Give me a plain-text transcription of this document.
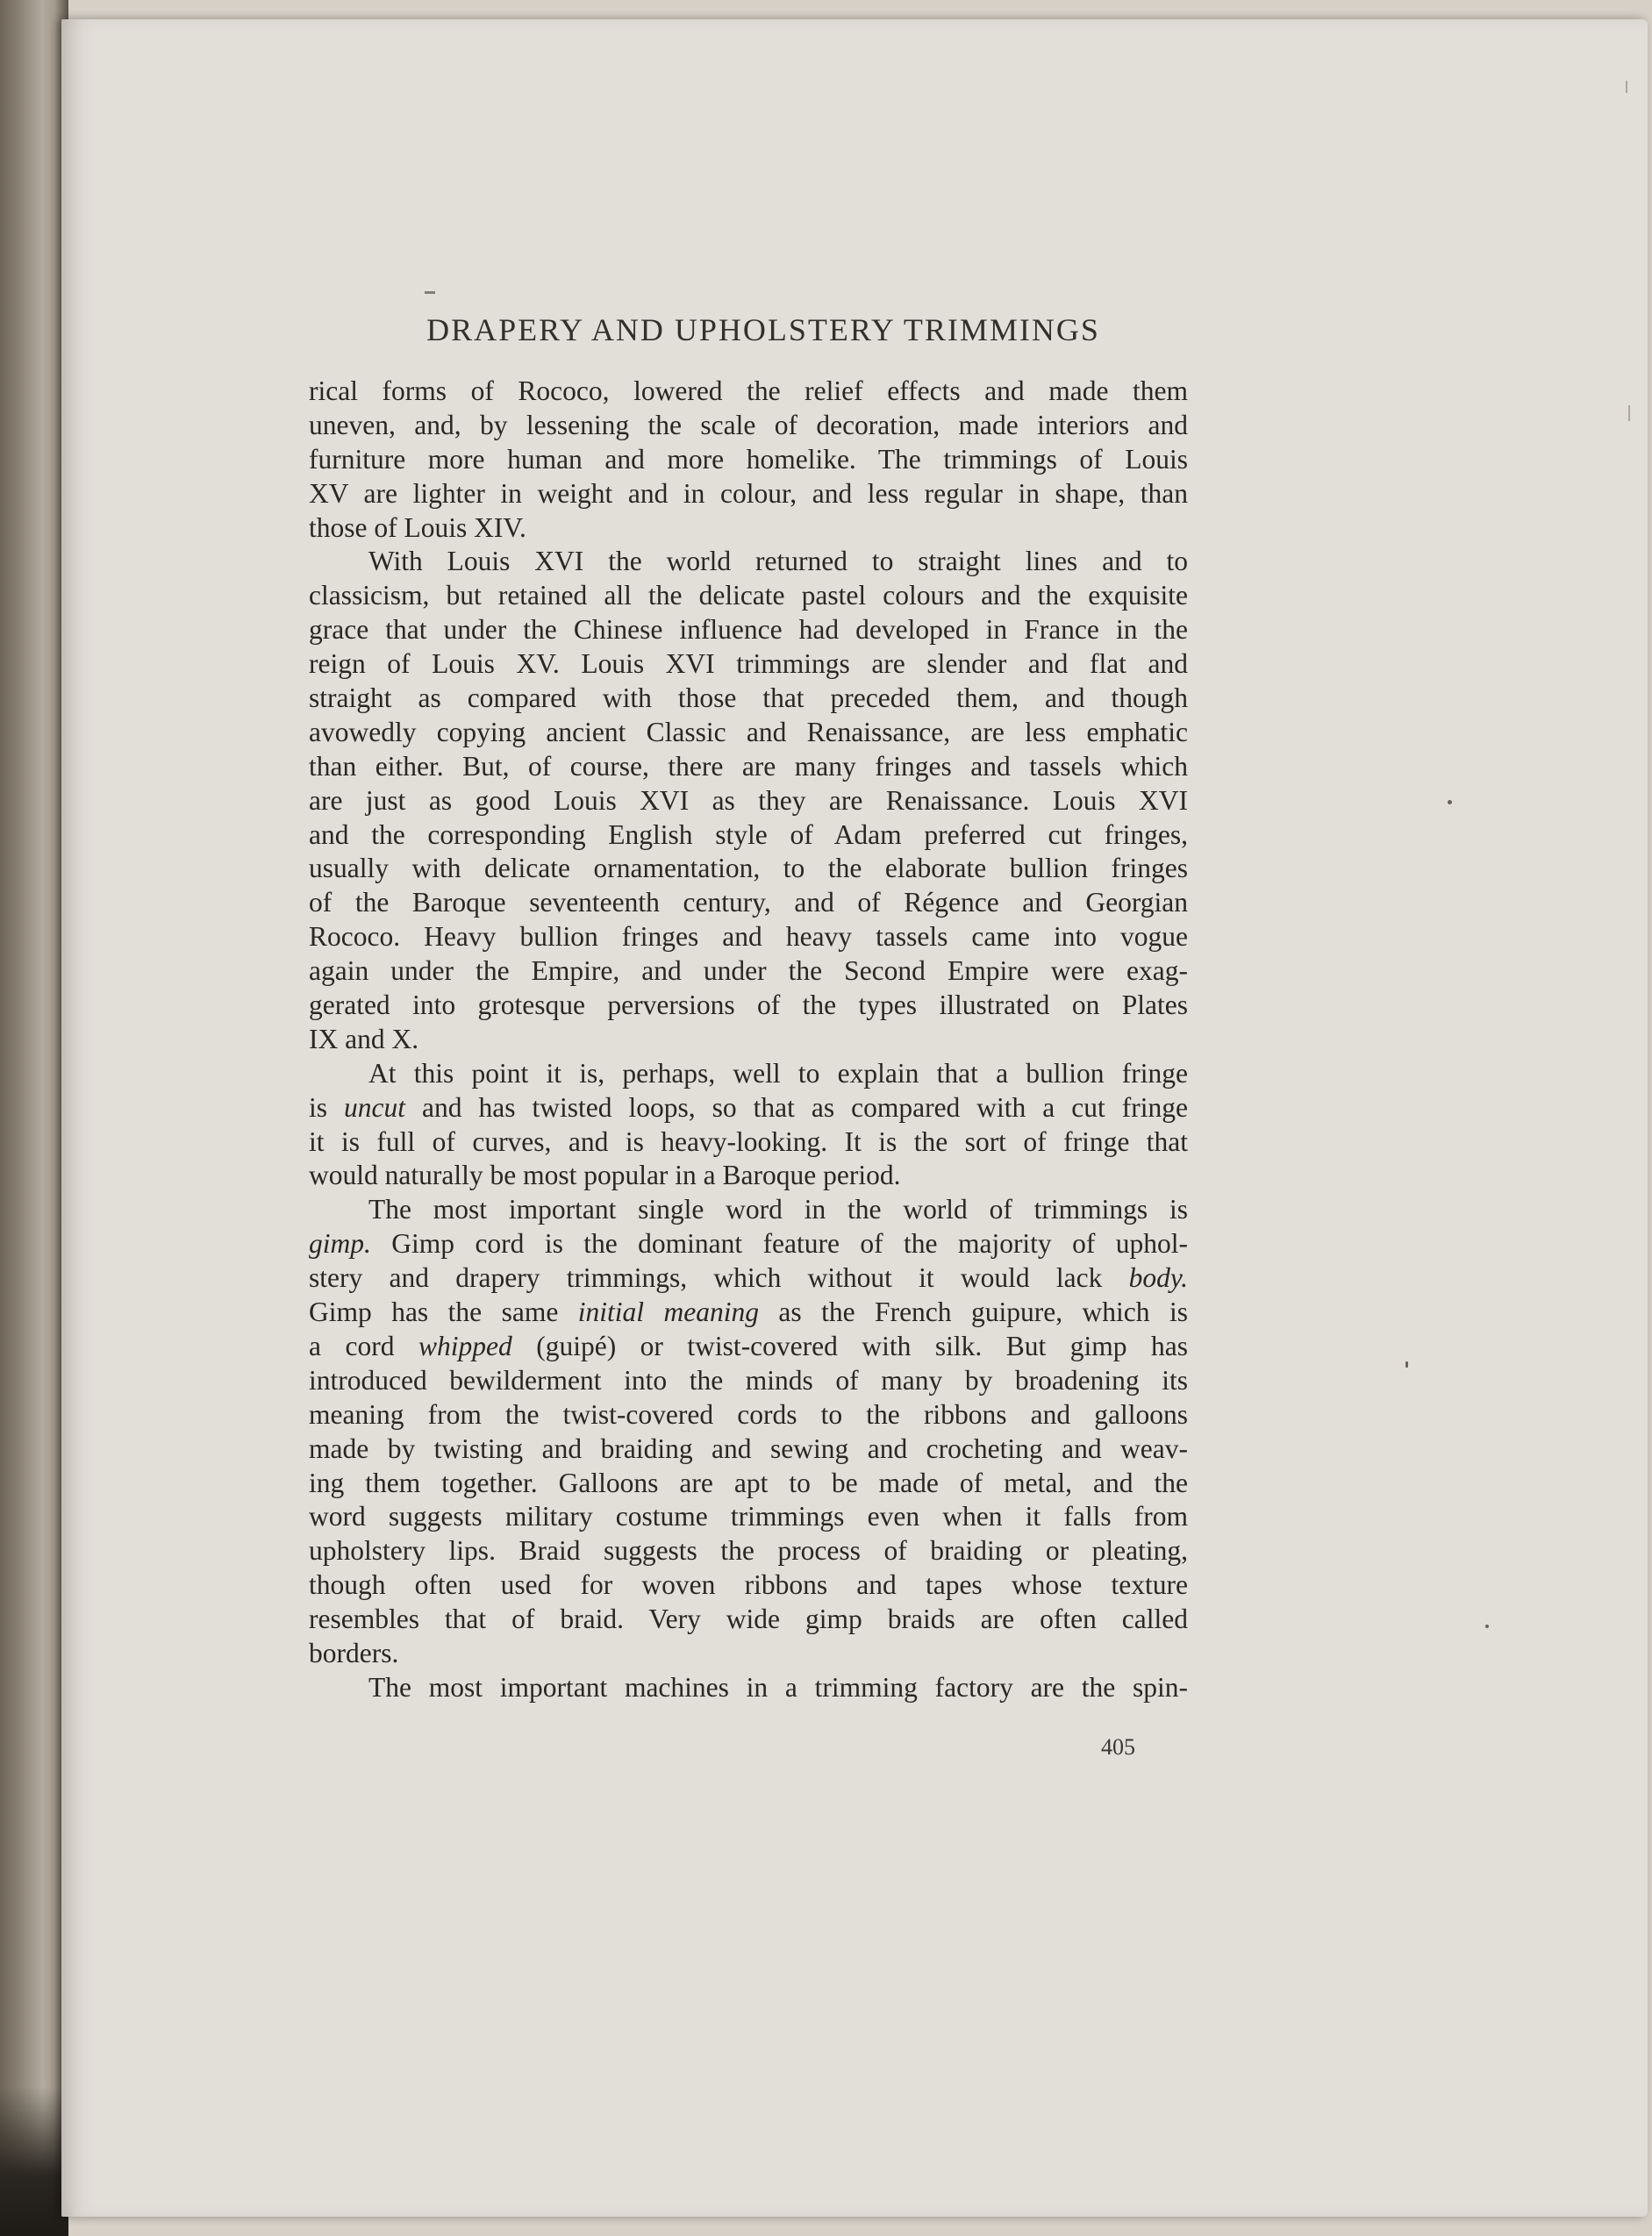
DRAPERY AND UPHOLSTERY TRIMMINGS
rical forms of Rococo, lowered the relief effects and made them
uneven, and, by lessening the scale of decoration, made interiors and
furniture more human and more homelike. The trimmings of Louis
XV are lighter in weight and in colour, and less regular in shape, than
those of Louis XIV.
With Louis XVI the world returned to straight lines and to
classicism, but retained all the delicate pastel colours and the exquisite
grace that under the Chinese influence had developed in France in the
reign of Louis XV. Louis XVI trimmings are slender and flat and
straight as compared with those that preceded them, and though
avowedly copying ancient Classic and Renaissance, are less emphatic
than either. But, of course, there are many fringes and tassels which
are just as good Louis XVI as they are Renaissance. Louis XVI
and the corresponding English style of Adam preferred cut fringes,
usually with delicate ornamentation, to the elaborate bullion fringes
of the Baroque seventeenth century, and of Régence and Georgian
Rococo. Heavy bullion fringes and heavy tassels came into vogue
again under the Empire, and under the Second Empire were exag-
gerated into grotesque perversions of the types illustrated on Plates
IX and X.
At this point it is, perhaps, well to explain that a bullion fringe
is uncut and has twisted loops, so that as compared with a cut fringe
it is full of curves, and is heavy-looking. It is the sort of fringe that
would naturally be most popular in a Baroque period.
The most important single word in the world of trimmings is
gimp. Gimp cord is the dominant feature of the majority of uphol-
stery and drapery trimmings, which without it would lack body.
Gimp has the same initial meaning as the French guipure, which is
a cord whipped (guipé) or twist-covered with silk. But gimp has
introduced bewilderment into the minds of many by broadening its
meaning from the twist-covered cords to the ribbons and galloons
made by twisting and braiding and sewing and crocheting and weav-
ing them together. Galloons are apt to be made of metal, and the
word suggests military costume trimmings even when it falls from
upholstery lips. Braid suggests the process of braiding or pleating,
though often used for woven ribbons and tapes whose texture
resembles that of braid. Very wide gimp braids are often called
borders.
The most important machines in a trimming factory are the spin-
405
